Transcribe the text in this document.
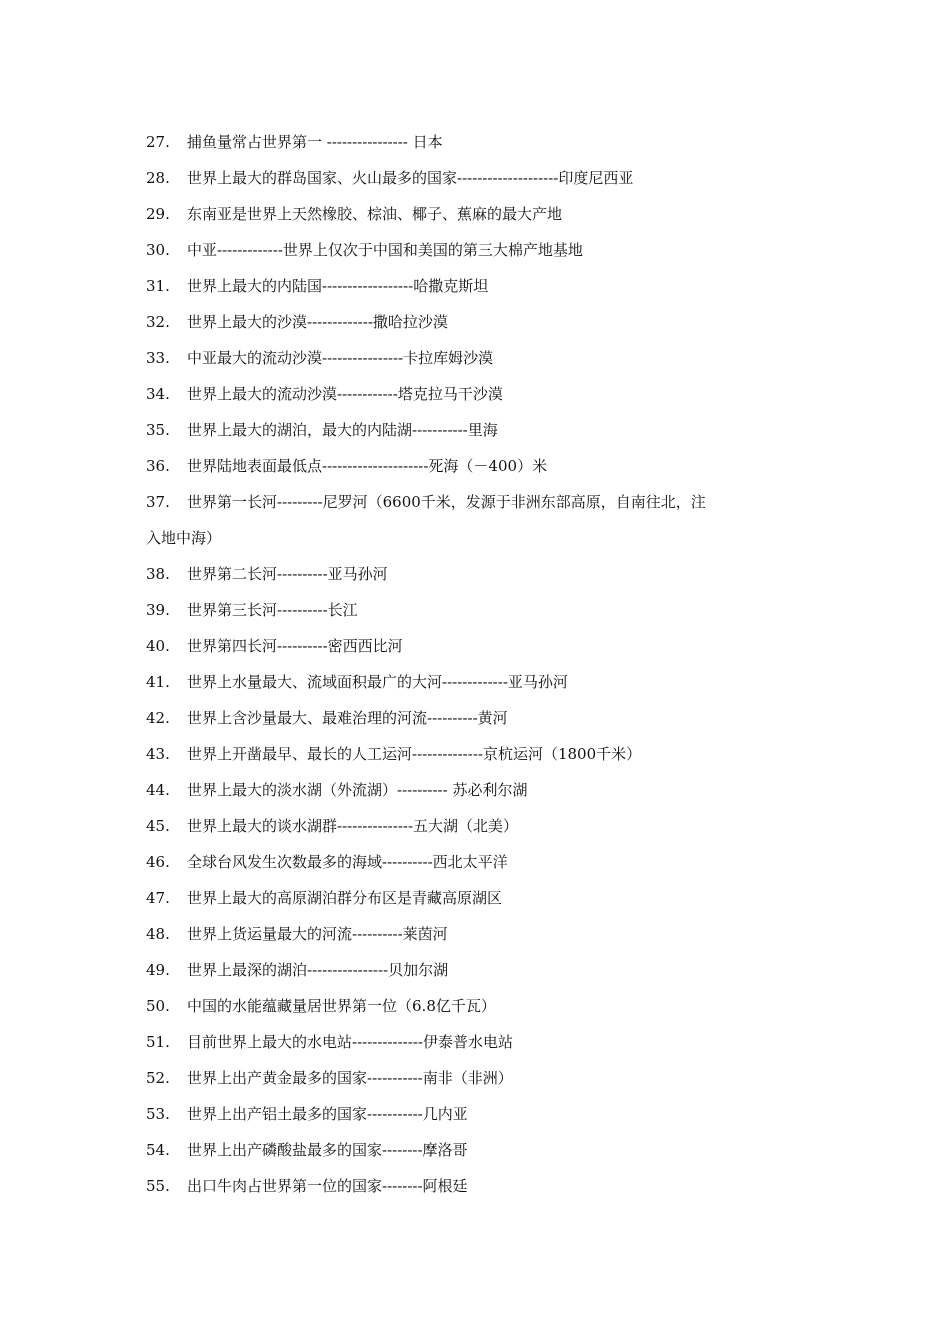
27. 捕鱼量常占世界第一 ---------------- 日本
28. 世界上最大的群岛国家、火山最多的国家--------------------印度尼西亚
29. 东南亚是世界上天然橡胶、棕油、椰子、蕉麻的最大产地
30. 中亚-------------世界上仅次于中国和美国的第三大棉产地基地
31. 世界上最大的内陆国------------------哈撒克斯坦
32. 世界上最大的沙漠-------------撒哈拉沙漠
33. 中亚最大的流动沙漠----------------卡拉库姆沙漠
34. 世界上最大的流动沙漠------------塔克拉马干沙漠
35. 世界上最大的湖泊，最大的内陆湖-----------里海
36. 世界陆地表面最低点---------------------死海（－400）米
37. 世界第一长河---------尼罗河（6600千米，发源于非洲东部高原，自南往北，注
入地中海）
38. 世界第二长河----------亚马孙河
39. 世界第三长河----------长江
40. 世界第四长河----------密西西比河
41. 世界上水量最大、流域面积最广的大河-------------亚马孙河
42. 世界上含沙量最大、最难治理的河流----------黄河
43. 世界上开凿最早、最长的人工运河--------------京杭运河（1800千米）
44. 世界上最大的淡水湖（外流湖）---------- 苏必利尔湖
45. 世界上最大的谈水湖群---------------五大湖（北美）
46. 全球台风发生次数最多的海域----------西北太平洋
47. 世界上最大的高原湖泊群分布区是青藏高原湖区
48. 世界上货运量最大的河流----------莱茵河
49. 世界上最深的湖泊----------------贝加尔湖
50. 中国的水能蕴藏量居世界第一位（6.8亿千瓦）
51. 目前世界上最大的水电站--------------伊泰普水电站
52. 世界上出产黄金最多的国家-----------南非（非洲）
53. 世界上出产铝土最多的国家-----------几内亚
54. 世界上出产磷酸盐最多的国家--------摩洛哥
55. 出口牛肉占世界第一位的国家--------阿根廷
